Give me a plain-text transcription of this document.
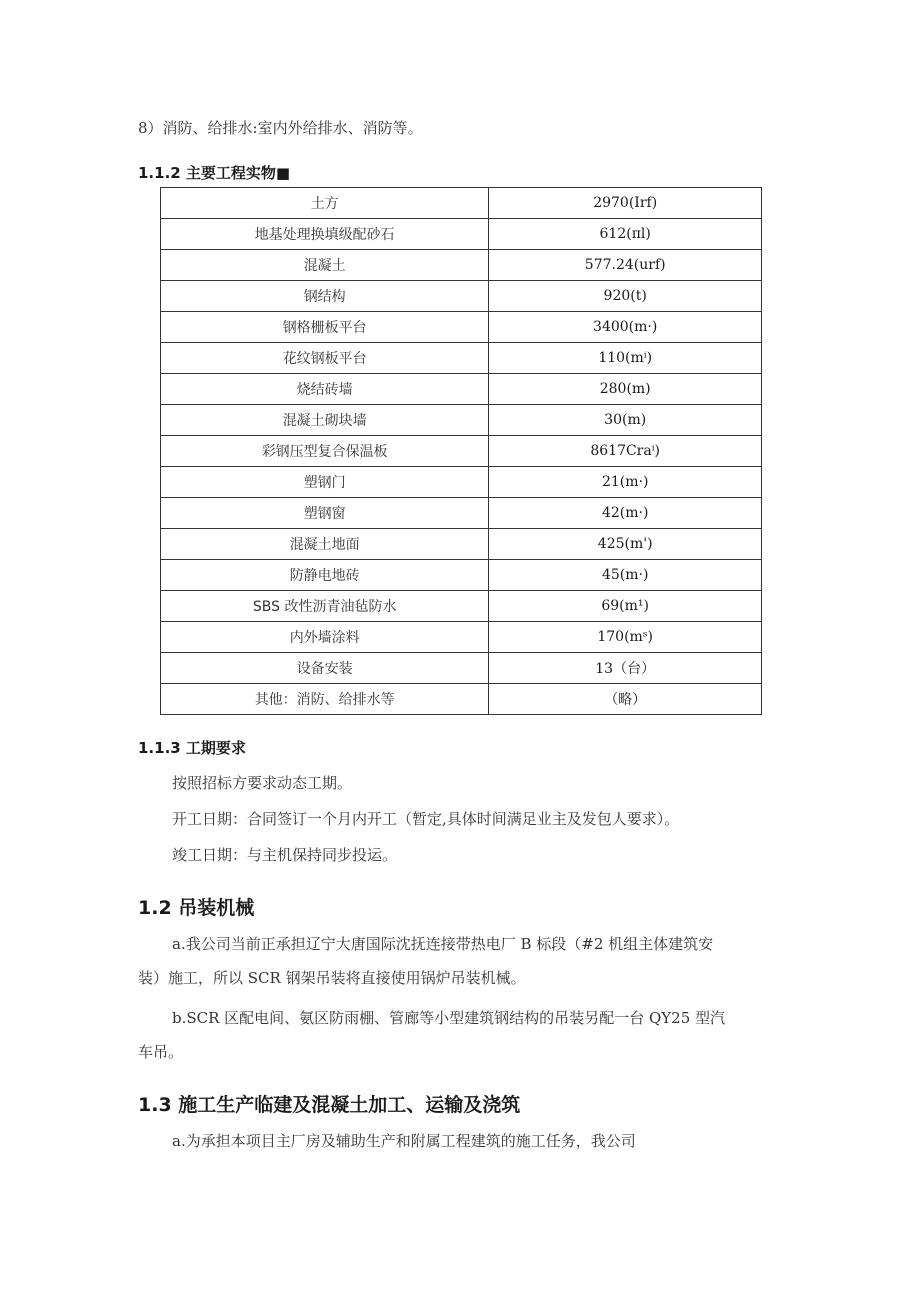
8）消防、给排水:室内外给排水、消防等。
1.1.2 主要工程实物■
土方	2970(Irf)
地基处理换填级配砂石	612(πl)
混凝土	577.24(urf)
钢结构	920(t)
钢格栅板平台	3400(m·)
花纹钢板平台	110(mⁱ)
烧结砖墙	280(m)
混凝土砌块墙	30(m)
彩钢压型复合保温板	8617Craⁱ)
塑钢门	21(m·)
塑钢窗	42(m·)
混凝土地面	425(m')
防静电地砖	45(m·)
SBS 改性沥青油毡防水	69(m¹)
内外墙涂料	170(mˢ)
设备安装	13（台）
其他：消防、给排水等	（略）
1.1.3 工期要求
按照招标方要求动态工期。
开工日期：合同签订一个月内开工（暂定,具体时间满足业主及发包人要求）。
竣工日期：与主机保持同步投运。
1.2 吊装机械
a.我公司当前正承担辽宁大唐国际沈抚连接带热电厂 B 标段（#2 机组主体建筑安
装）施工，所以 SCR 钢架吊装将直接使用锅炉吊装机械。
b.SCR 区配电间、氨区防雨棚、管廊等小型建筑钢结构的吊装另配一台 QY25 型汽
车吊。
1.3 施工生产临建及混凝土加工、运输及浇筑
a.为承担本项目主厂房及辅助生产和附属工程建筑的施工任务，我公司
